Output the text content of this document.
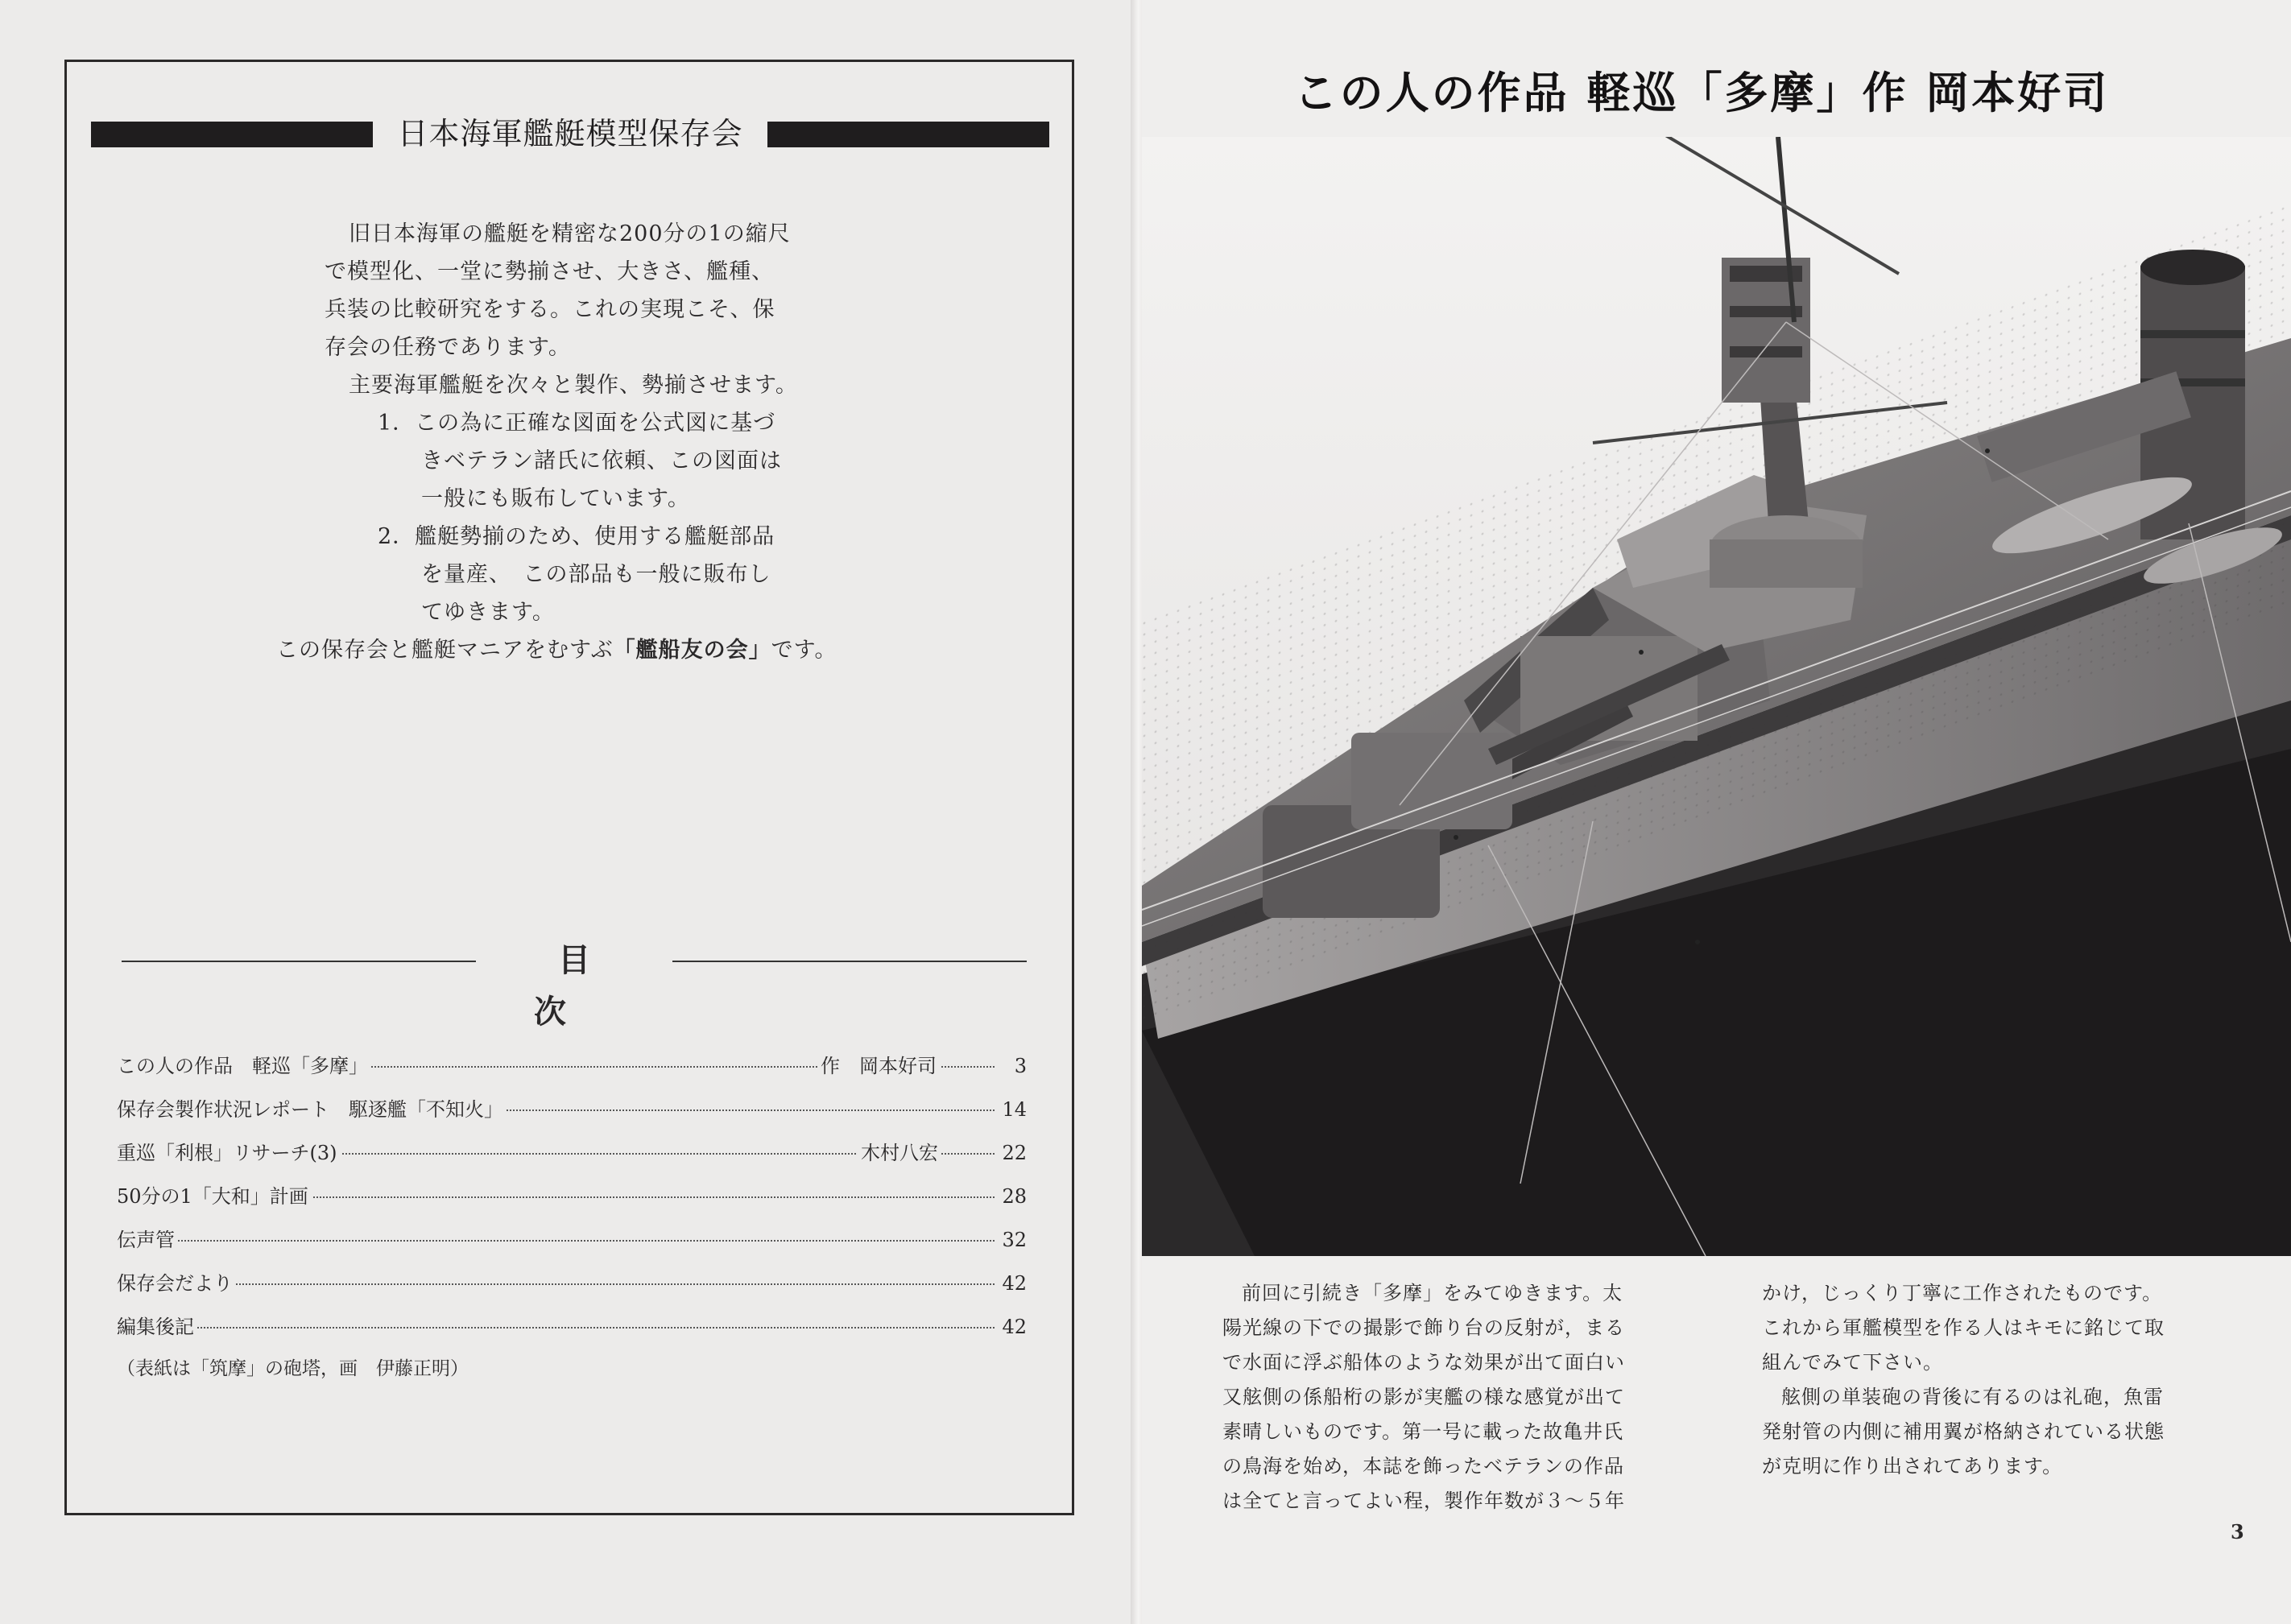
日本海軍艦艇模型保存会

旧日本海軍の艦艇を精密な200分の1の縮尺

で模型化、一堂に勢揃させ、大きさ、艦種、

兵装の比較研究をする。これの実現こそ、保

存会の任務であります。

主要海軍艦艇を次々と製作、勢揃させます。

1．この為に正確な図面を公式図に基づ

きベテラン諸氏に依頼、この図面は

一般にも販布しています。

2．艦艇勢揃のため、使用する艦艇部品

を量産、　この部品も一般に販布し

てゆきます。

この保存会と艦艇マニアをむすぶ「艦船友の会」です。

目次
この人の作品　軽巡「多摩」	作　岡本好司	3
保存会製作状況レポート　駆逐艦「不知火」	14
重巡「利根」リサーチ(3)	木村八宏	22
50分の1「大和」計画	28
伝声管	32
保存会だより	42
編集後記	42
（表紙は「筑摩」の砲塔，画　伊藤正明）
この人の作品 軽巡「多摩」作 岡本好司

前回に引続き「多摩」をみてゆきます。太

陽光線の下での撮影で飾り台の反射が，まる

で水面に浮ぶ船体のような効果が出て面白い

又舷側の係船桁の影が実艦の様な感覚が出て

素晴しいものです。第一号に載った故亀井氏

の鳥海を始め，本誌を飾ったベテランの作品

は全てと言ってよい程，製作年数が３～５年

かけ，じっくり丁寧に工作されたものです。

これから軍艦模型を作る人はキモに銘じて取

組んでみて下さい。

舷側の単装砲の背後に有るのは礼砲，魚雷

発射管の内側に補用翼が格納されている状態

が克明に作り出されてあります。

3
